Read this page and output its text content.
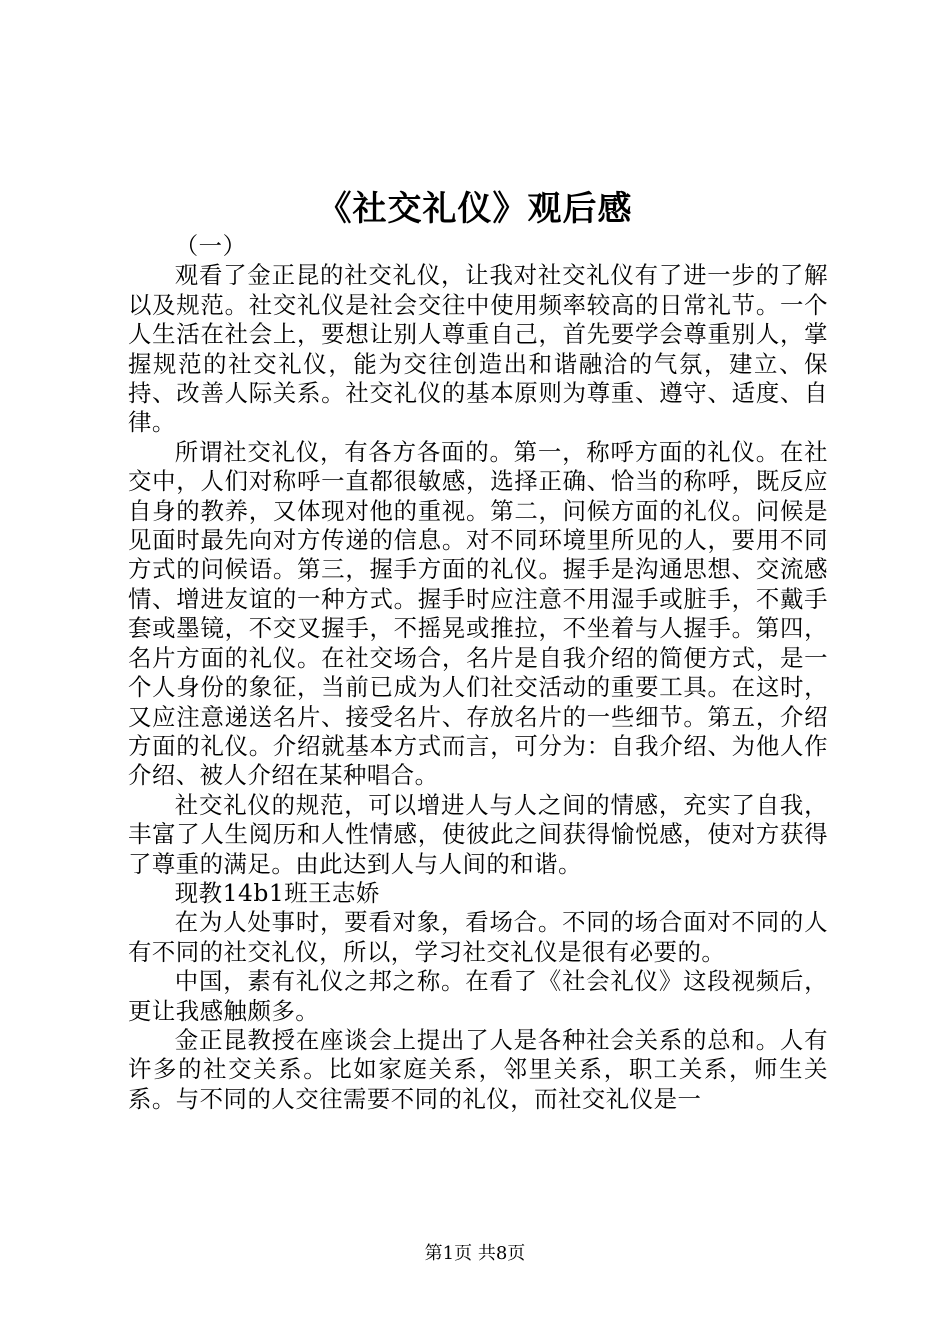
《社交礼仪》观后感

（一）

观看了金正昆的社交礼仪，让我对社交礼仪有了进一步的了解以及规范。社交礼仪是社会交往中使用频率较高的日常礼节。一个人生活在社会上，要想让别人尊重自己，首先要学会尊重别人，掌握规范的社交礼仪，能为交往创造出和谐融洽的气氛，建立、保持、改善人际关系。社交礼仪的基本原则为尊重、遵守、适度、自律。

所谓社交礼仪，有各方各面的。第一，称呼方面的礼仪。在社交中，人们对称呼一直都很敏感，选择正确、恰当的称呼，既反应自身的教养，又体现对他的重视。第二，问候方面的礼仪。问候是见面时最先向对方传递的信息。对不同环境里所见的人，要用不同方式的问候语。第三，握手方面的礼仪。握手是沟通思想、交流感情、增进友谊的一种方式。握手时应注意不用湿手或脏手，不戴手套或墨镜，不交叉握手，不摇晃或推拉，不坐着与人握手。第四，名片方面的礼仪。在社交场合，名片是自我介绍的简便方式，是一个人身份的象征，当前已成为人们社交活动的重要工具。在这时，又应注意递送名片、接受名片、存放名片的一些细节。第五，介绍方面的礼仪。介绍就基本方式而言，可分为：自我介绍、为他人作介绍、被人介绍在某种唱合。

社交礼仪的规范，可以增进人与人之间的情感，充实了自我，丰富了人生阅历和人性情感，使彼此之间获得愉悦感，使对方获得了尊重的满足。由此达到人与人间的和谐。

现教14b1班王志娇

在为人处事时，要看对象，看场合。不同的场合面对不同的人有不同的社交礼仪，所以，学习社交礼仪是很有必要的。

中国，素有礼仪之邦之称。在看了《社会礼仪》这段视频后，更让我感触颇多。

金正昆教授在座谈会上提出了人是各种社会关系的总和。人有许多的社交关系。比如家庭关系，邻里关系，职工关系，师生关系。与不同的人交往需要不同的礼仪，而社交礼仪是一

第1页 共8页
